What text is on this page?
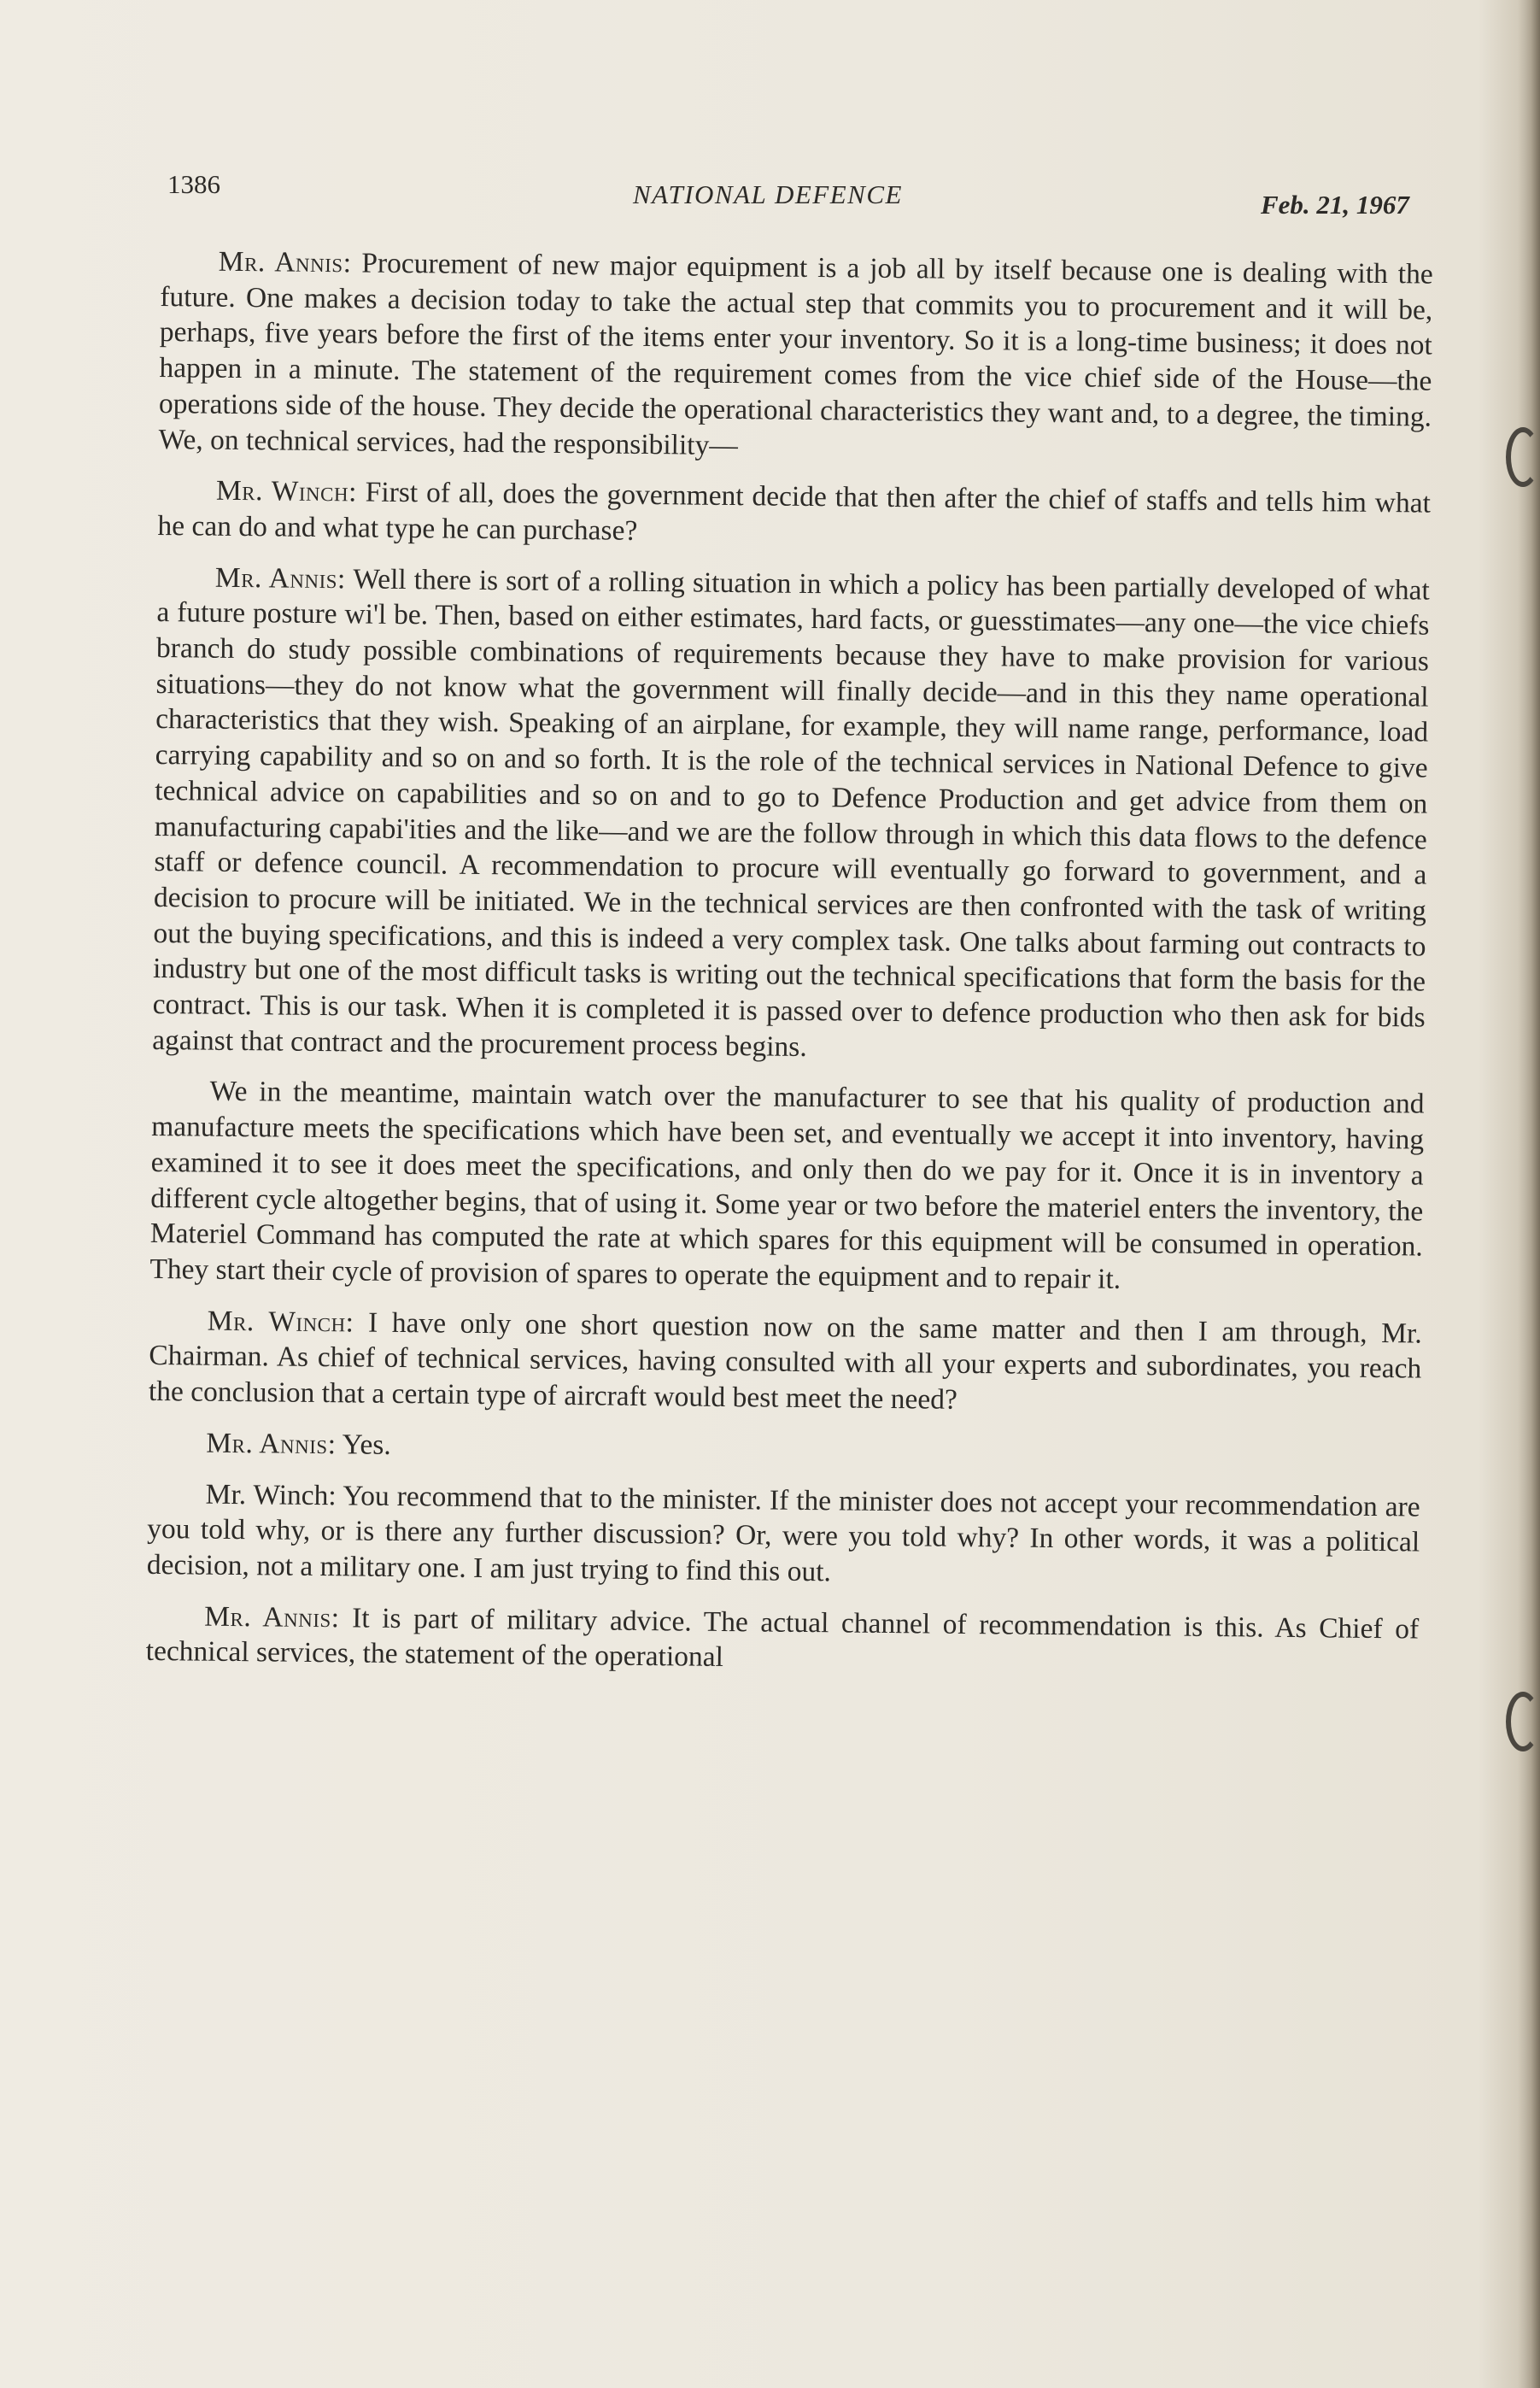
1386	NATIONAL DEFENCE	Feb. 21, 1967

Mr. Annis: Procurement of new major equipment is a job all by itself because one is dealing with the future. One makes a decision today to take the actual step that commits you to procurement and it will be, perhaps, five years before the first of the items enter your inventory. So it is a long-time business; it does not happen in a minute. The statement of the requirement comes from the vice chief side of the House—the operations side of the house. They decide the operational characteristics they want and, to a degree, the timing. We, on technical services, had the responsibility—

Mr. Winch: First of all, does the government decide that then after the chief of staffs and tells him what he can do and what type he can purchase?

Mr. Annis: Well there is sort of a rolling situation in which a policy has been partially developed of what a future posture wi'l be. Then, based on either estimates, hard facts, or guesstimates—any one—the vice chiefs branch do study possible combinations of requirements because they have to make provision for various situations—they do not know what the government will finally decide—and in this they name operational characteristics that they wish. Speaking of an airplane, for example, they will name range, performance, load carrying capability and so on and so forth. It is the role of the technical services in National Defence to give technical advice on capabilities and so on and to go to Defence Production and get advice from them on manufacturing capabi'ities and the like—and we are the follow through in which this data flows to the defence staff or defence council. A recommendation to procure will eventually go forward to government, and a decision to procure will be initiated. We in the technical services are then confronted with the task of writing out the buying specifications, and this is indeed a very complex task. One talks about farming out contracts to industry but one of the most difficult tasks is writing out the technical specifications that form the basis for the contract. This is our task. When it is completed it is passed over to defence production who then ask for bids against that contract and the procurement process begins.

We in the meantime, maintain watch over the manufacturer to see that his quality of production and manufacture meets the specifications which have been set, and eventually we accept it into inventory, having examined it to see it does meet the specifications, and only then do we pay for it. Once it is in inventory a different cycle altogether begins, that of using it. Some year or two before the materiel enters the inventory, the Materiel Command has computed the rate at which spares for this equipment will be consumed in operation. They start their cycle of provision of spares to operate the equipment and to repair it.

Mr. Winch: I have only one short question now on the same matter and then I am through, Mr. Chairman. As chief of technical services, having consulted with all your experts and subordinates, you reach the conclusion that a certain type of aircraft would best meet the need?

Mr. Annis: Yes.

Mr. Winch: You recommend that to the minister. If the minister does not accept your recommendation are you told why, or is there any further discussion? Or, were you told why? In other words, it was a political decision, not a military one. I am just trying to find this out.

Mr. Annis: It is part of military advice. The actual channel of recommendation is this. As Chief of technical services, the statement of the operational
